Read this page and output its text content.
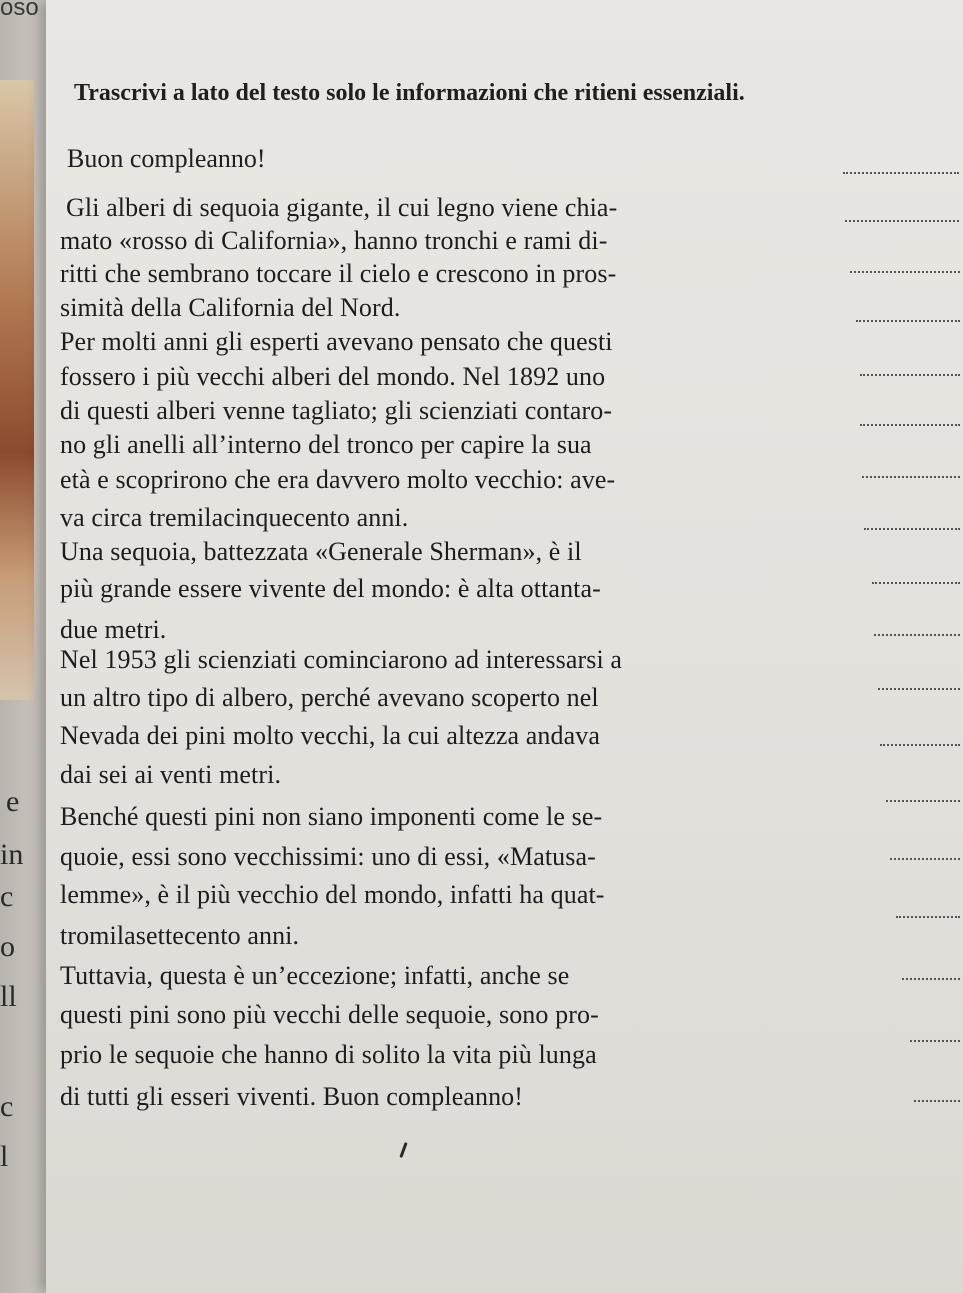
oso
e
in
c
o
ll
c
l
Trascrivi a lato del testo solo le informazioni che ritieni essenziali.
Buon compleanno!
Gli alberi di sequoia gigante, il cui legno viene chia-
mato «rosso di California», hanno tronchi e rami di-
ritti che sembrano toccare il cielo e crescono in pros-
simità della California del Nord.
Per molti anni gli esperti avevano pensato che questi
fossero i più vecchi alberi del mondo. Nel 1892 uno
di questi alberi venne tagliato; gli scienziati contaro-
no gli anelli all’interno del tronco per capire la sua
età e scoprirono che era davvero molto vecchio: ave-
va circa tremilacinquecento anni.
Una sequoia, battezzata «Generale Sherman», è il
più grande essere vivente del mondo: è alta ottanta-
due metri.
Nel 1953 gli scienziati cominciarono ad interessarsi a
un altro tipo di albero, perché avevano scoperto nel
Nevada dei pini molto vecchi, la cui altezza andava
dai sei ai venti metri.
Benché questi pini non siano imponenti come le se-
quoie, essi sono vecchissimi: uno di essi, «Matusa-
lemme», è il più vecchio del mondo, infatti ha quat-
tromilasettecento anni.
Tuttavia, questa è un’eccezione; infatti, anche se
questi pini sono più vecchi delle sequoie, sono pro-
prio le sequoie che hanno di solito la vita più lunga
di tutti gli esseri viventi. Buon compleanno!
